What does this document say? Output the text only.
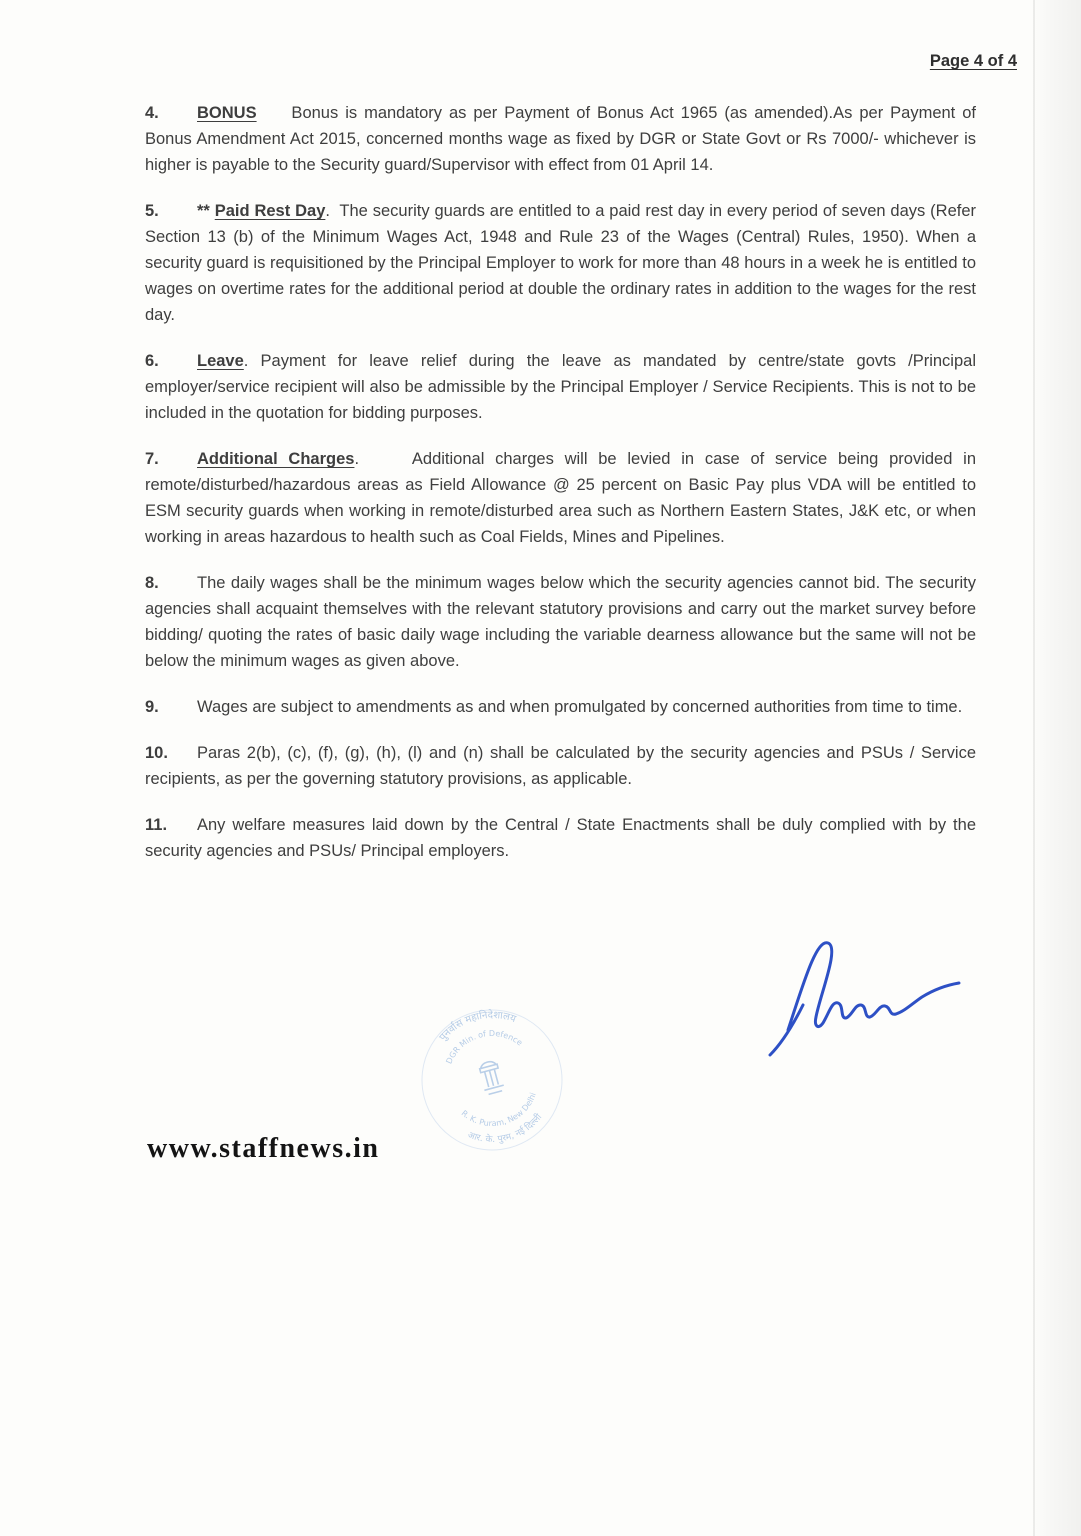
Page 4 of 4

4. BONUS     Bonus is mandatory as per Payment of Bonus Act 1965 (as amended).As per Payment of Bonus Amendment Act 2015, concerned months wage as fixed by DGR or State Govt or Rs 7000/- whichever is higher is payable to the Security guard/Supervisor with effect from 01 April 14.

5. ** Paid Rest Day.  The security guards are entitled to a paid rest day in every period of seven days (Refer Section 13 (b) of the Minimum Wages Act, 1948 and Rule 23 of the Wages (Central) Rules, 1950). When a security guard is requisitioned by the Principal Employer to work for more than 48 hours in a week he is entitled to wages on overtime rates for the additional period at double the ordinary rates in addition to the wages for the rest day.

6. Leave. Payment for leave relief during the leave as mandated by centre/state govts /Principal employer/service recipient will also be admissible by the Principal Employer / Service Recipients. This is not to be included in the quotation for bidding purposes.

7. Additional Charges.     Additional charges will be levied in case of service being provided in remote/disturbed/hazardous areas as Field Allowance @ 25 percent on Basic Pay plus VDA will be entitled to ESM security guards when working in remote/disturbed area such as Northern Eastern States, J&K etc, or when working in areas hazardous to health such as Coal Fields, Mines and Pipelines.

8. The daily wages shall be the minimum wages below which the security agencies cannot bid. The security agencies shall acquaint themselves with the relevant statutory provisions and carry out the market survey before bidding/ quoting the rates of basic daily wage including the variable dearness allowance but the same will not be below the minimum wages as given above.

9. Wages are subject to amendments as and when promulgated by concerned authorities from time to time.

10. Paras 2(b), (c), (f), (g), (h), (l) and (n) shall be calculated by the security agencies and PSUs / Service recipients, as per the governing statutory provisions, as applicable.

11. Any welfare measures laid down by the Central / State Enactments shall be duly complied with by the security agencies and PSUs/ Principal employers.

पुनर्वास महानिदेशालय
DGR Min. of Defence
R. K. Puram, New Delhi
आर. के. पुरम, नई दिल्ली
www.staffnews.in
